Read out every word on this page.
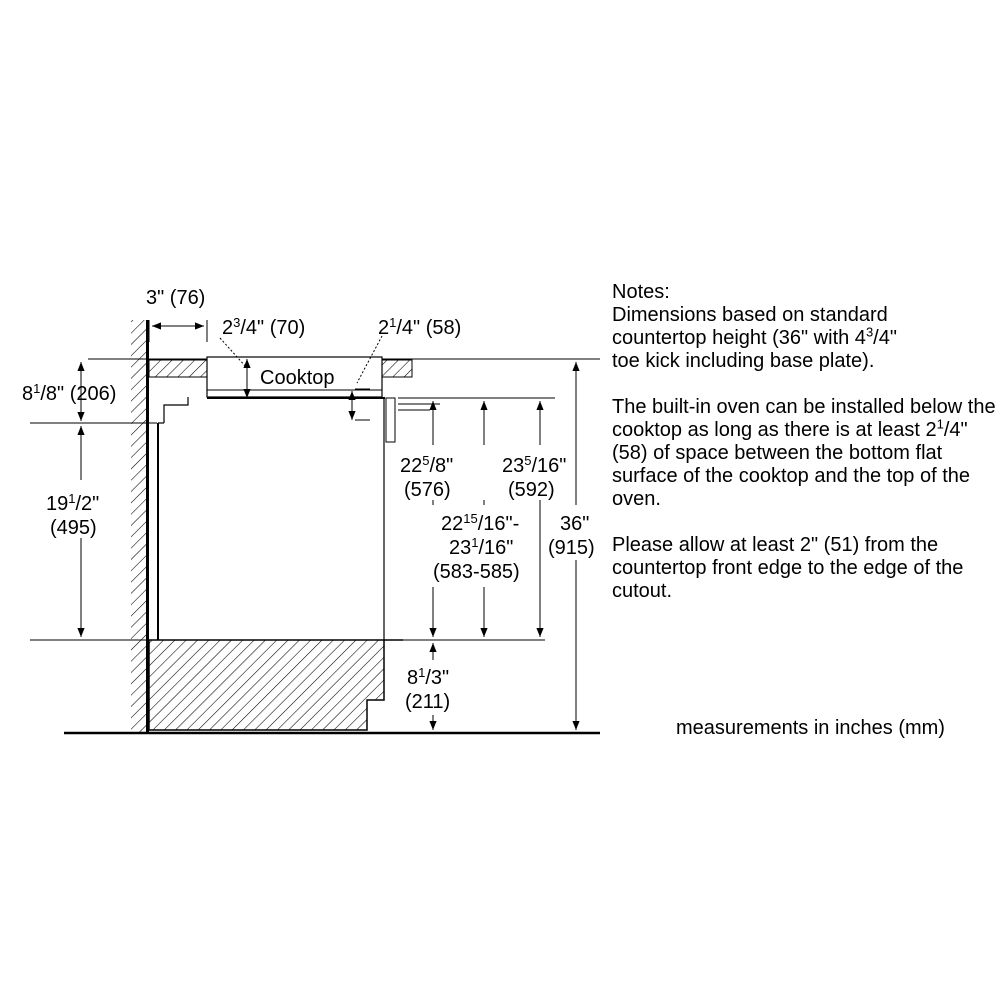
Cooktop
3" (76)
$2^3/4$" (70)	$2^1/4$" (58)
$8^1/8$" (206)
$19^1/2$"
(495)
$22^5/8$"
(576)
$23^5/16$"
(592)
$22^{15}/16"-$
$23^1/16$"
(583-585)
36"
(915)
$8^1/3$"
(211)

Notes:

Dimensions based on standard
countertop height (36" with $4^3/4$"
toe kick including base plate).

The built-in oven can be installed below the cooktop as long as there is at least $2^1/4$" (58) of space between the bottom flat surface of the cooktop and the top of the oven.

Please allow at least 2" (51) from the countertop front edge to the edge of the cutout.

measurements in inches (mm)
